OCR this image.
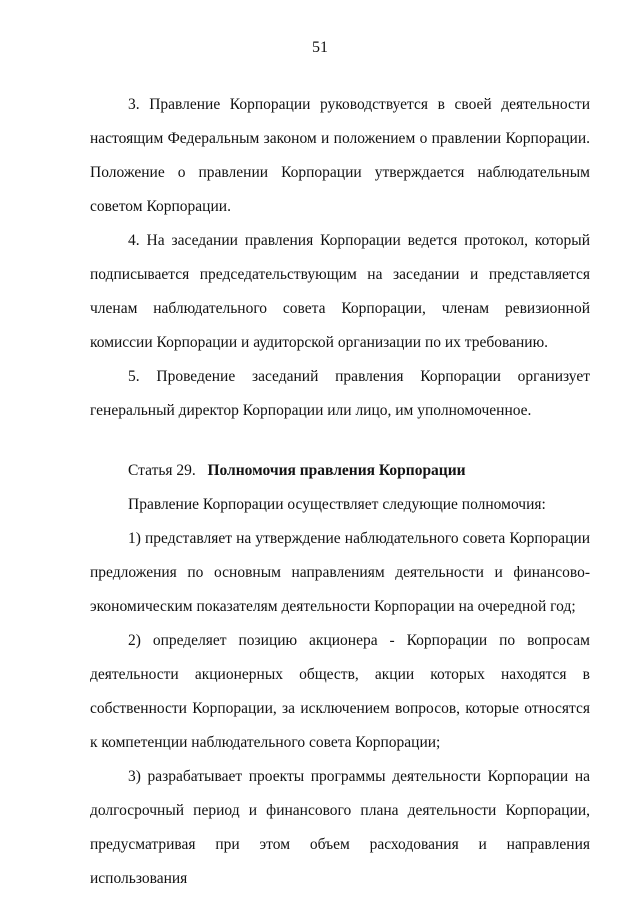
51

3. Правление Корпорации руководствуется в своей деятельности настоящим Федеральным законом и положением о правлении Корпорации. Положение о правлении Корпорации утверждается наблюдательным советом Корпорации.

4. На заседании правления Корпорации ведется протокол, который подписывается председательствующим на заседании и представляется членам наблюдательного совета Корпорации, членам ревизионной комиссии Корпорации и аудиторской организации по их требованию.

5. Проведение заседаний правления Корпорации организует генеральный директор Корпорации или лицо, им уполномоченное.

Статья 29. Полномочия правления Корпорации

Правление Корпорации осуществляет следующие полномочия:

1) представляет на утверждение наблюдательного совета Корпорации предложения по основным направлениям деятельности и финансово-экономическим показателям деятельности Корпорации на очередной год;

2) определяет позицию акционера - Корпорации по вопросам деятельности акционерных обществ, акции которых находятся в собственности Корпорации, за исключением вопросов, которые относятся к компетенции наблюдательного совета Корпорации;

3) разрабатывает проекты программы деятельности Корпорации на долгосрочный период и финансового плана деятельности Корпорации, предусматривая при этом объем расходования и направления использования
